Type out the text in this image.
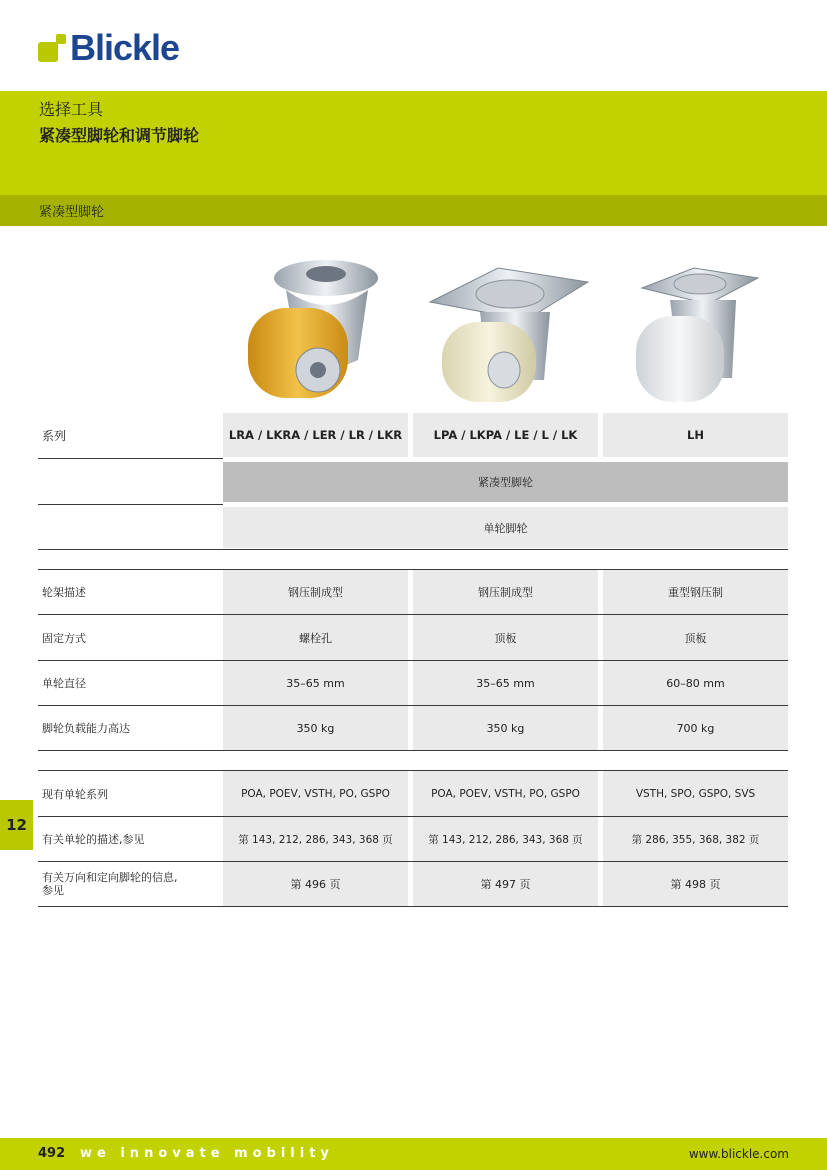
Blickle
选择工具
紧凑型脚轮和调节脚轮
紧凑型脚轮
系列	LRA / LKRA / LER / LR / LKR	LPA / LKPA / LE / L / LK	LH
紧凑型脚轮
单轮脚轮
轮架描述	钢压制成型	钢压制成型	重型钢压制
固定方式	螺栓孔	顶板	顶板
单轮直径	35–65 mm	35–65 mm	60–80 mm
脚轮负载能力高达	350 kg	350 kg	700 kg
现有单轮系列	POA, POEV, VSTH, PO, GSPO	POA, POEV, VSTH, PO, GSPO	VSTH, SPO, GSPO, SVS
有关单轮的描述,参见	第 143, 212, 286, 343, 368 页	第 143, 212, 286, 343, 368 页	第 286, 355, 368, 382 页
有关万向和定向脚轮的信息,
参见	第 496 页	第 497 页	第 498 页
12
492 we innovate mobility	www.blickle.com
